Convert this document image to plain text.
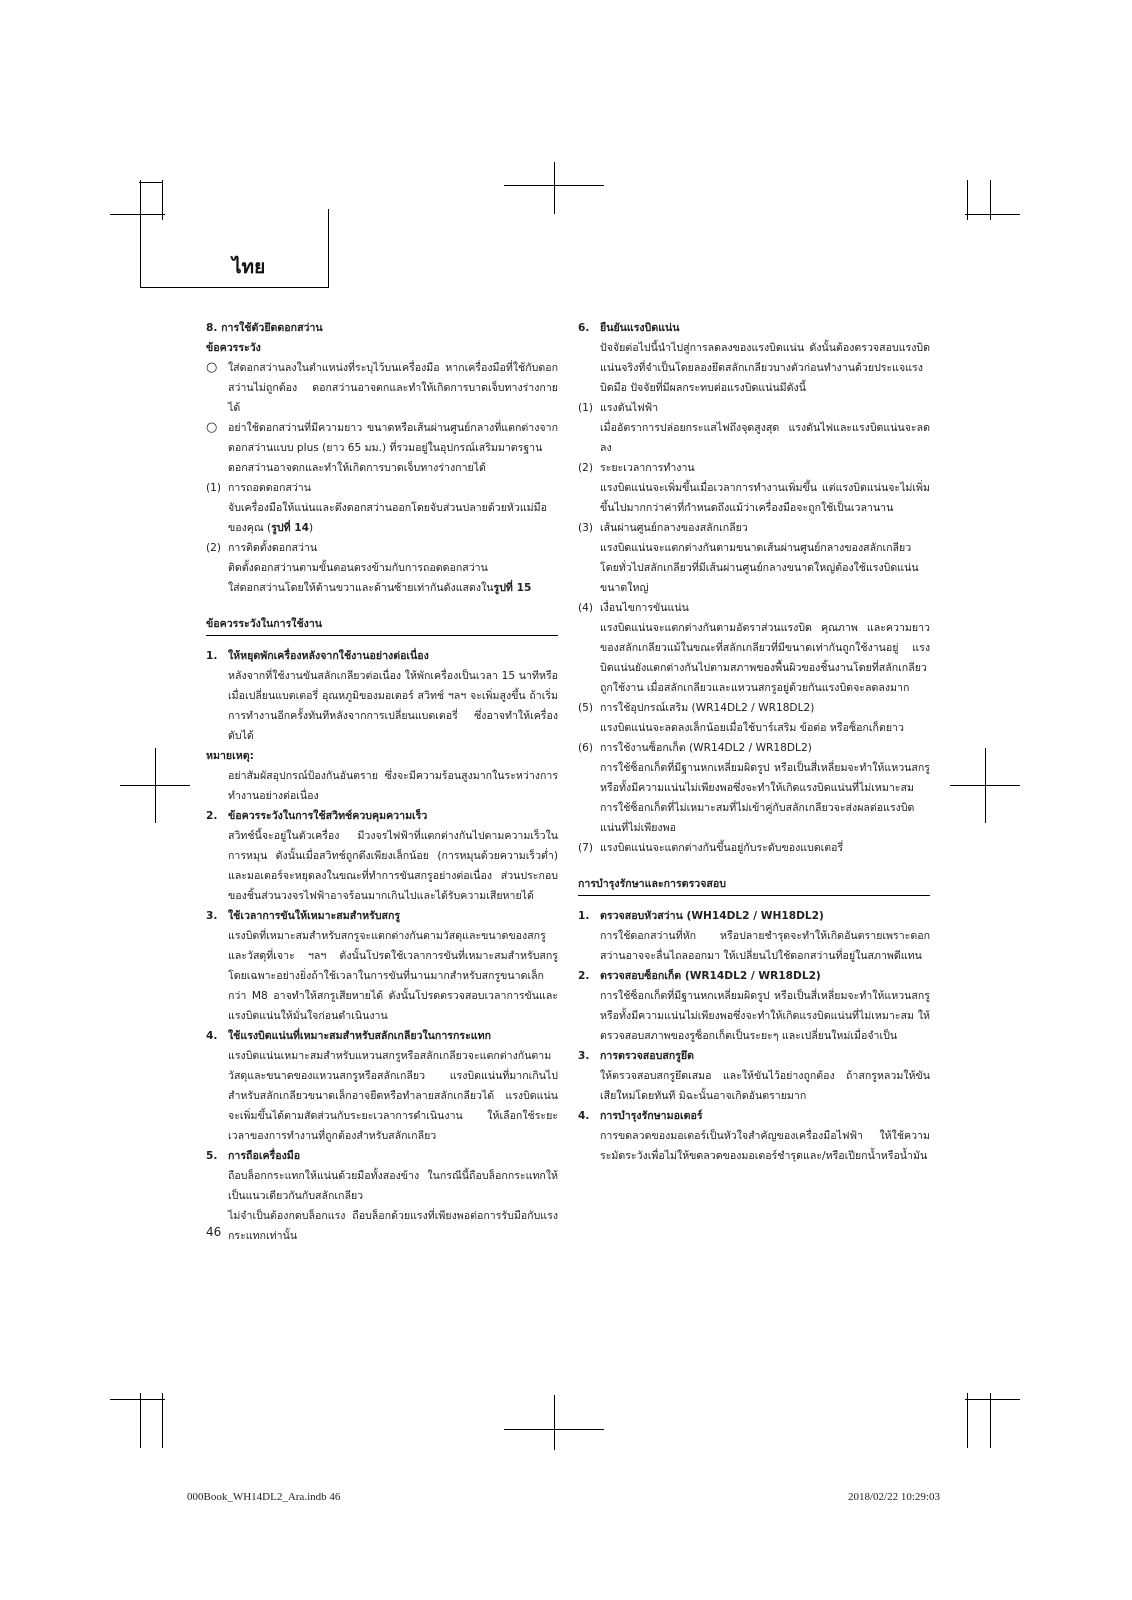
ไทย

8. การใช้ตัวยึดดอกสว่าน

ข้อควรระวัง

○	ใส่ดอกสว่านลงในตำแหน่งที่ระบุไว้บนเครื่องมือ หากเครื่องมือที่ใช้กับดอกสว่านไม่ถูกต้อง ดอกสว่านอาจตกและทำให้เกิดการบาดเจ็บทางร่างกายได้
○	อย่าใช้ดอกสว่านที่มีความยาว ขนาดหรือเส้นผ่านศูนย์กลางที่แตกต่างจากดอกสว่านแบบ plus (ยาว 65 มม.) ที่รวมอยู่ในอุปกรณ์เสริมมาตรฐาน

ดอกสว่านอาจตกและทำให้เกิดการบาดเจ็บทางร่างกายได้

(1) การถอดดอกสว่าน

จับเครื่องมือให้แน่นและดึงดอกสว่านออกโดยจับส่วนปลายด้วยหัวแม่มือของคุณ (รูปที่ 14)

(2) การติดตั้งดอกสว่าน

ติดตั้งดอกสว่านตามขั้นตอนตรงข้ามกับการถอดดอกสว่าน

ใส่ดอกสว่านโดยให้ด้านขวาและด้านซ้ายเท่ากันดังแสดงในรูปที่ 15

ข้อควรระวังในการใช้งาน

1. ให้หยุดพักเครื่องหลังจากใช้งานอย่างต่อเนื่อง

หลังจากที่ใช้งานขันสลักเกลียวต่อเนื่อง ให้พักเครื่องเป็นเวลา 15 นาทีหรือเมื่อเปลี่ยนแบตเตอรี่ อุณหภูมิของมอเตอร์ สวิทช์ ฯลฯ จะเพิ่มสูงขึ้น ถ้าเริ่มการทำงานอีกครั้งทันทีหลังจากการเปลี่ยนแบตเตอรี่ ซึ่งอาจทำให้เครื่องดับได้

หมายเหตุ:

อย่าสัมผัสอุปกรณ์ป้องกันอันตราย ซึ่งจะมีความร้อนสูงมากในระหว่างการทำงานอย่างต่อเนื่อง

2. ข้อควรระวังในการใช้สวิทช์ควบคุมความเร็ว

สวิทช์นี้จะอยู่ในตัวเครื่อง มีวงจรไฟฟ้าที่แตกต่างกันไปตามความเร็วในการหมุน ดังนั้นเมื่อสวิทช์ถูกดึงเพียงเล็กน้อย (การหมุนด้วยความเร็วต่ำ) และมอเตอร์จะหยุดลงในขณะที่ทำการขันสกรูอย่างต่อเนื่อง ส่วนประกอบของชิ้นส่วนวงจรไฟฟ้าอาจร้อนมากเกินไปและได้รับความเสียหายได้

3. ใช้เวลาการขันให้เหมาะสมสำหรับสกรู

แรงบิดที่เหมาะสมสำหรับสกรูจะแตกต่างกันตามวัสดุและขนาดของสกรูและวัสดุที่เจาะ ฯลฯ ดังนั้นโปรดใช้เวลาการขันที่เหมาะสมสำหรับสกรู โดยเฉพาะอย่างยิ่งถ้าใช้เวลาในการขันที่นานมากสำหรับสกรูขนาดเล็กกว่า M8 อาจทำให้สกรูเสียหายได้ ดังนั้นโปรดตรวจสอบเวลาการขันและแรงบิดแน่นให้มั่นใจก่อนดำเนินงาน

4. ใช้แรงบิดแน่นที่เหมาะสมสำหรับสลักเกลียวในการกระแทก

แรงบิดแน่นเหมาะสมสำหรับแหวนสกรูหรือสลักเกลียวจะแตกต่างกันตามวัสดุและขนาดของแหวนสกรูหรือสลักเกลียว แรงบิดแน่นที่มากเกินไปสำหรับสลักเกลียวขนาดเล็กอาจยืดหรือทำลายสลักเกลียวได้ แรงบิดแน่นจะเพิ่มขึ้นได้ตามสัดส่วนกับระยะเวลาการดำเนินงาน ให้เลือกใช้ระยะเวลาของการทำงานที่ถูกต้องสำหรับสลักเกลียว

5. การถือเครื่องมือ

ถือบล็อกกระแทกให้แน่นด้วยมือทั้งสองข้าง ในกรณีนี้ถือบล็อกกระแทกให้เป็นแนวเดียวกันกับสลักเกลียว

ไม่จำเป็นต้องกดบล็อกแรง ถือบล็อกด้วยแรงที่เพียงพอต่อการรับมือกับแรงกระแทกเท่านั้น

6. ยืนยันแรงบิดแน่น

ปัจจัยต่อไปนี้นำไปสู่การลดลงของแรงบิดแน่น ดังนั้นต้องตรวจสอบแรงบิดแน่นจริงที่จำเป็นโดยลองยึดสลักเกลียวบางตัวก่อนทำงานด้วยประแจแรงบิดมือ ปัจจัยที่มีผลกระทบต่อแรงบิดแน่นมีดังนี้

(1) แรงดันไฟฟ้า

เมื่ออัตราการปล่อยกระแสไฟถึงจุดสูงสุด แรงดันไฟและแรงบิดแน่นจะลดลง

(2) ระยะเวลาการทำงาน

แรงบิดแน่นจะเพิ่มขึ้นเมื่อเวลาการทำงานเพิ่มขึ้น แต่แรงบิดแน่นจะไม่เพิ่มขึ้นไปมากกว่าค่าที่กำหนดถึงแม้ว่าเครื่องมือจะถูกใช้เป็นเวลานาน

(3) เส้นผ่านศูนย์กลางของสลักเกลียว

แรงบิดแน่นจะแตกต่างกันตามขนาดเส้นผ่านศูนย์กลางของสลักเกลียว โดยทั่วไปสลักเกลียวที่มีเส้นผ่านศูนย์กลางขนาดใหญ่ต้องใช้แรงบิดแน่นขนาดใหญ่

(4) เงื่อนไขการขันแน่น

แรงบิดแน่นจะแตกต่างกันตามอัตราส่วนแรงบิด คุณภาพ และความยาวของสลักเกลียวแม้ในขณะที่สลักเกลียวที่มีขนาดเท่ากันถูกใช้งานอยู่ แรงบิดแน่นยังแตกต่างกันไปตามสภาพของพื้นผิวของชิ้นงานโดยที่สลักเกลียวถูกใช้งาน เมื่อสลักเกลียวและแหวนสกรูอยู่ด้วยกันแรงบิดจะลดลงมาก

(5) การใช้อุปกรณ์เสริม (WR14DL2 / WR18DL2)

แรงบิดแน่นจะลดลงเล็กน้อยเมื่อใช้บาร์เสริม ข้อต่อ หรือซ็อกเก็ตยาว

(6) การใช้งานซ็อกเก็ต (WR14DL2 / WR18DL2)

การใช้ซ็อกเก็ตที่มีฐานหกเหลี่ยมผิดรูป หรือเป็นสี่เหลี่ยมจะทำให้แหวนสกรูหรือทั้งมีความแน่นไม่เพียงพอซึ่งจะทำให้เกิดแรงบิดแน่นที่ไม่เหมาะสม

การใช้ซ็อกเก็ตที่ไม่เหมาะสมที่ไม่เข้าคู่กับสลักเกลียวจะส่งผลต่อแรงบิดแน่นที่ไม่เพียงพอ

(7) แรงบิดแน่นจะแตกต่างกันขึ้นอยู่กับระดับของแบตเตอรี่

การบำรุงรักษาและการตรวจสอบ

1. ตรวจสอบหัวสว่าน (WH14DL2 / WH18DL2)

การใช้ดอกสว่านที่หัก หรือปลายชำรุดจะทำให้เกิดอันตรายเพราะดอกสว่านอาจจะลื่นไถลออกมา ให้เปลี่ยนไปใช้ดอกสว่านที่อยู่ในสภาพดีแทน

2. ตรวจสอบซ็อกเก็ต (WR14DL2 / WR18DL2)

การใช้ซ็อกเก็ตที่มีฐานหกเหลี่ยมผิดรูป หรือเป็นสี่เหลี่ยมจะทำให้แหวนสกรูหรือทั้งมีความแน่นไม่เพียงพอซึ่งจะทำให้เกิดแรงบิดแน่นที่ไม่เหมาะสม ให้ตรวจสอบสภาพของรูซ็อกเก็ตเป็นระยะๆ และเปลี่ยนใหม่เมื่อจำเป็น

3. การตรวจสอบสกรูยึด

ให้ตรวจสอบสกรูยึดเสมอ และให้ขันไว้อย่างถูกต้อง ถ้าสกรูหลวมให้ขันเสียใหม่โดยทันที มิฉะนั้นอาจเกิดอันตรายมาก

4. การบำรุงรักษามอเตอร์

การขดลวดของมอเตอร์เป็นหัวใจสำคัญของเครื่องมือไฟฟ้า ให้ใช้ความระมัดระวังเพื่อไม่ให้ขดลวดของมอเตอร์ชำรุดและ/หรือเปียกน้ำหรือน้ำมัน

46
000Book_WH14DL2_Ara.indb 46	2018/02/22 10:29:03
